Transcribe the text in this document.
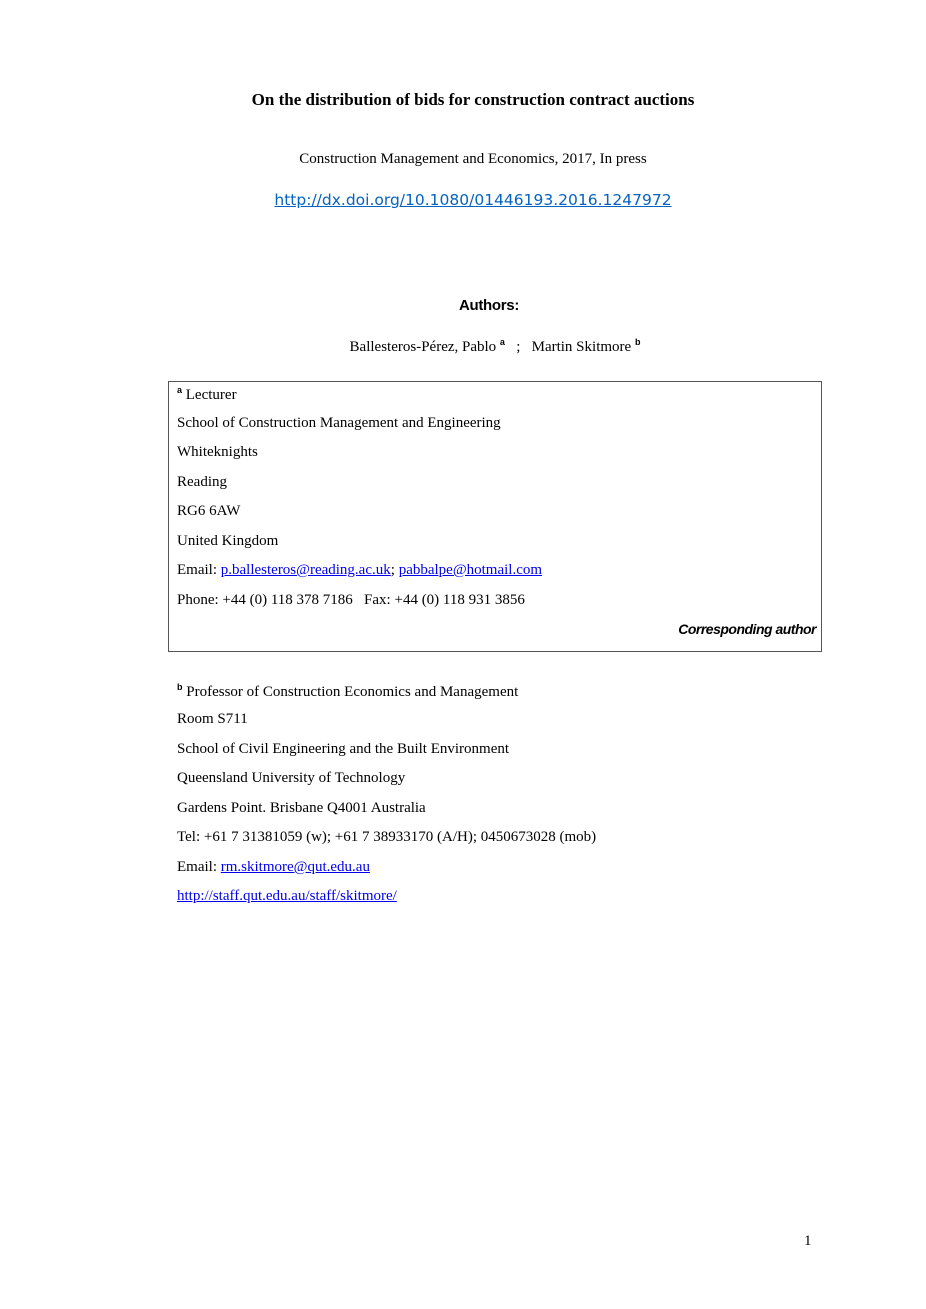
On the distribution of bids for construction contract auctions
Construction Management and Economics, 2017, In press
http://dx.doi.org/10.1080/01446193.2016.1247972
Authors:
Ballesteros-Pérez, Pablo $^a$ ; Martin Skitmore $^b$
$^a$ Lecturer
School of Construction Management and Engineering
Whiteknights
Reading
RG6 6AW
United Kingdom
Email: p.ballesteros@reading.ac.uk; pabbalpe@hotmail.com
Phone: +44 (0) 118 378 7186   Fax: +44 (0) 118 931 3856
Corresponding author
$^b$ Professor of Construction Economics and Management
Room S711
School of Civil Engineering and the Built Environment
Queensland University of Technology
Gardens Point. Brisbane Q4001 Australia
Tel: +61 7 31381059 (w); +61 7 38933170 (A/H); 0450673028 (mob)
Email: rm.skitmore@qut.edu.au
http://staff.qut.edu.au/staff/skitmore/
1
